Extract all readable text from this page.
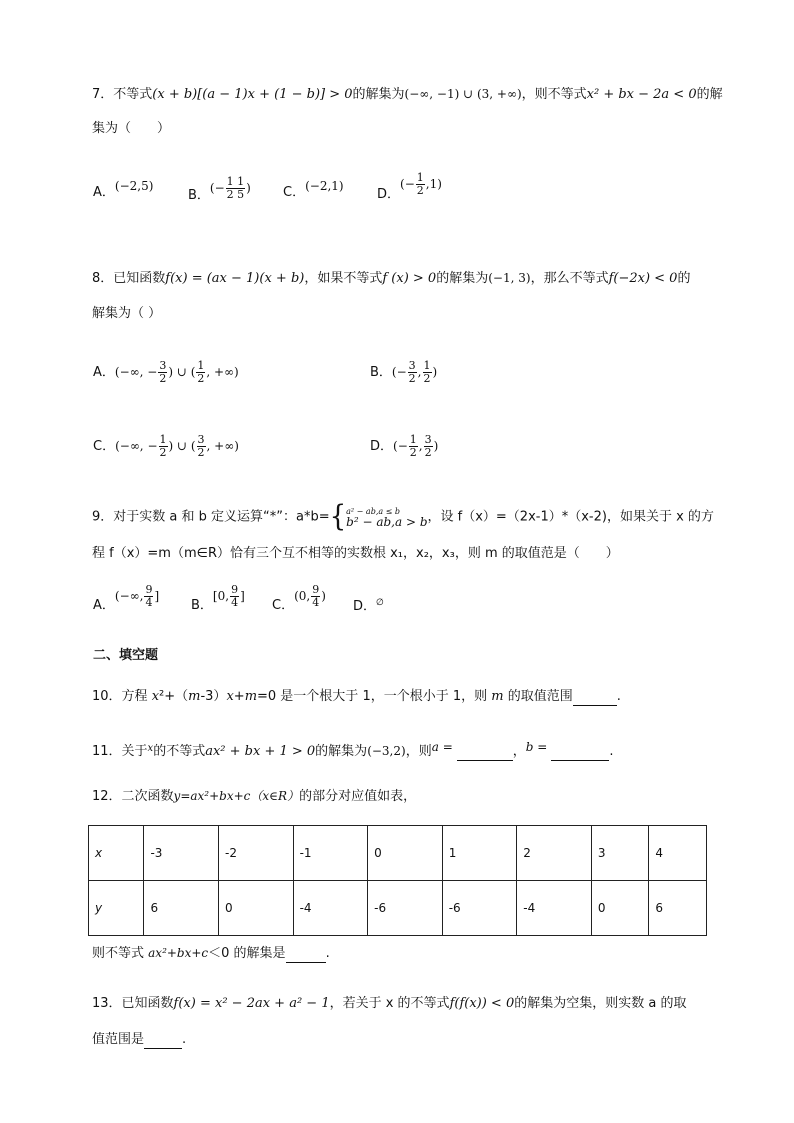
7．不等式(x + b)[(a − 1)x + (1 − b)] > 0的解集为(−∞, −1) ∪ (3, +∞)，则不等式x² + bx − 2a < 0的解
集为（　　）
A．(−2,5)
B．(− $\frac{1 1}{2 5}$ ) C．(−2,1)
D．(− $\frac{1}{2} ,1$)
8．已知函数f(x) = (ax − 1)(x + b)，如果不等式f (x) > 0的解集为(−1, 3)，那么不等式f(−2x) < 0的
解集为（ ）
A．(−∞, − $\frac{3}{2}$ ) ∪ ( $\frac{1}{2}$ , +∞)	B．(− $\frac{3}{2}$ , $\frac{1}{2}$ )
C．(−∞, − $\frac{1}{2}$ ) ∪ ( $\frac{3}{2}$ , +∞)	D．(− $\frac{1}{2}$ , $\frac{3}{2}$ )
9．对于实数 a 和 b 定义运算“*”：a*b= { a² − ab,a ≤ b
b² − ab,a > b ，设 f（x）=（2x-1）*（x-2)，如果关于 x 的方
程 f（x）=m（m∈R）恰有三个互不相等的实数根 x₁，x₂，x₃，则 m 的取值范是（　　）
A．(−∞, $\frac{9}{4}$ ]
B．[0, $\frac{9}{4}$ ]
C．(0, $\frac{9}{4}$ )
D．∅
二、填空题
10．方程 x²+（m-3）x+m=0 是一个根大于 1，一个根小于 1，则 m 的取值范围	.
11．关于$^x$的不等式ax² + bx + 1 > 0的解集为(−3,2)，则$^{a =}$	，$^{b =}$	.
12．二次函数y=ax²+bx+c（x∈R）的部分对应值如表，
x	-3	-2	-1	0	1	2	3	4
y	6	0	-4	-6	-6	-4	0	6
则不等式 ax²+bx+c＜0 的解集是	.
13．已知函数f(x) = x² − 2ax + a² − 1，若关于 x 的不等式f(f(x)) < 0的解集为空集，则实数 a 的取
值范围是	.
